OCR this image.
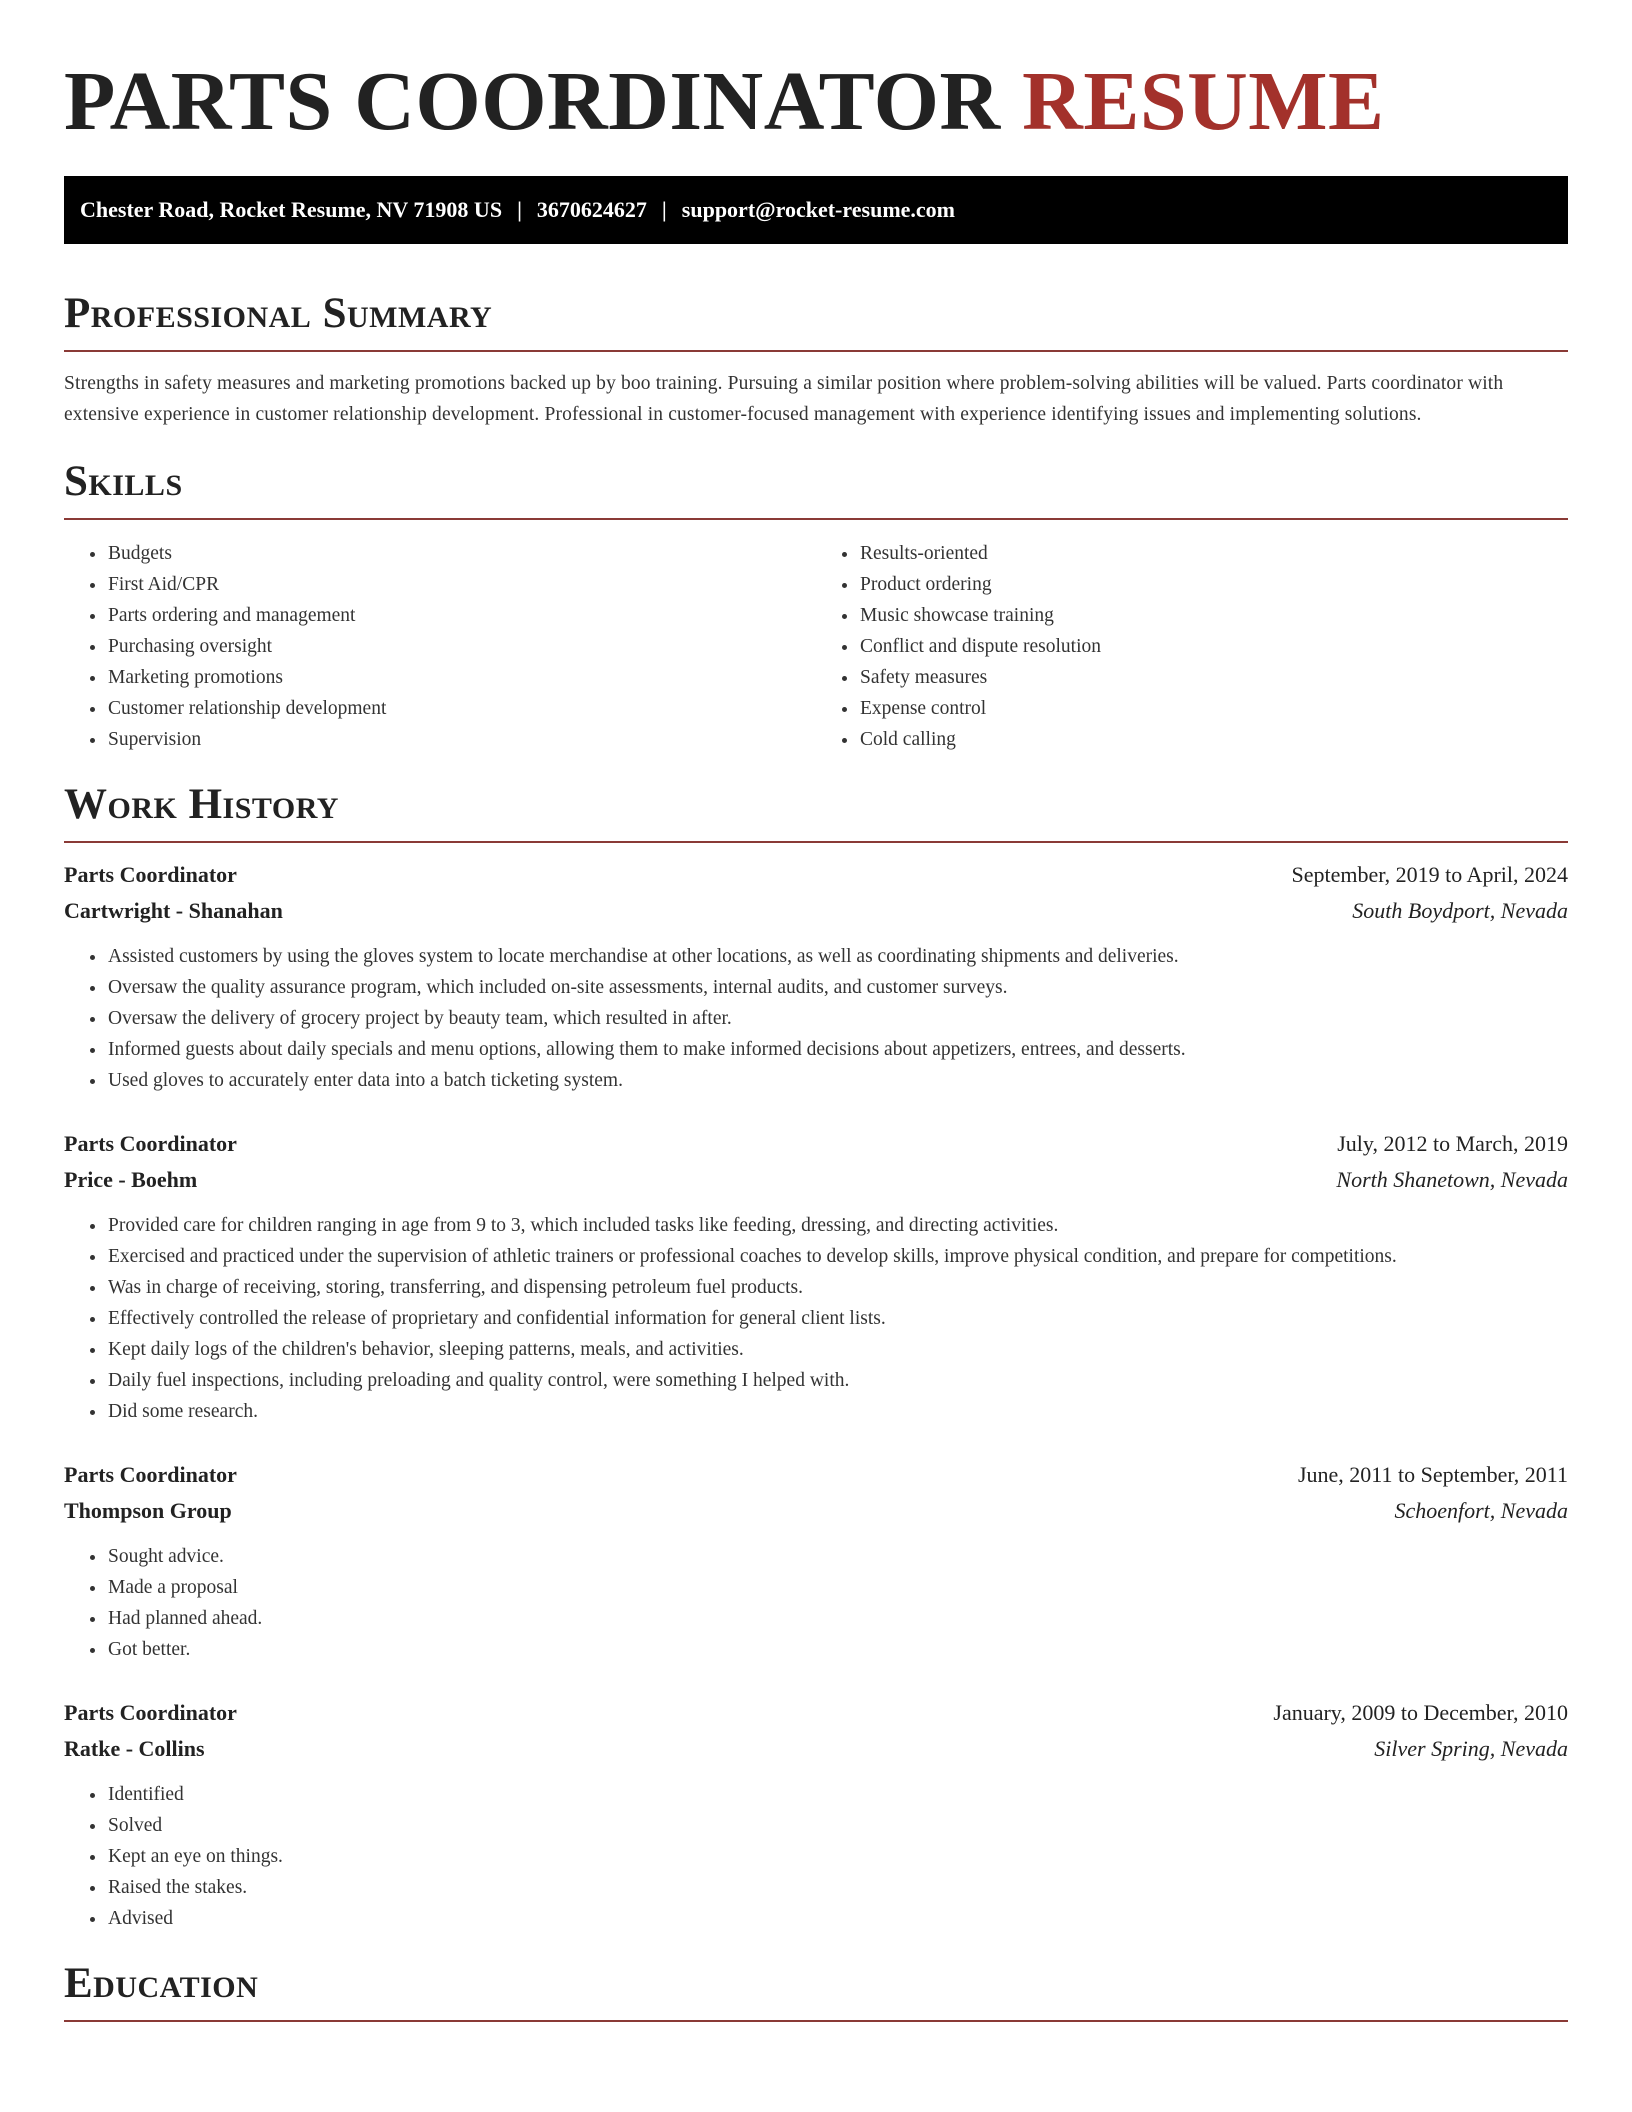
PARTS COORDINATOR RESUME
Chester Road, Rocket Resume, NV 71908 US | 3670624627 | support@rocket-resume.com
Professional Summary

Strengths in safety measures and marketing promotions backed up by boo training. Pursuing a similar position where problem-solving abilities will be valued. Parts coordinator with extensive experience in customer relationship development. Professional in customer-focused management with experience identifying issues and implementing solutions.

Skills
• Budgets
• First Aid/CPR
• Parts ordering and management
• Purchasing oversight
• Marketing promotions
• Customer relationship development
• Supervision
• Results-oriented
• Product ordering
• Music showcase training
• Conflict and dispute resolution
• Safety measures
• Expense control
• Cold calling
Work History
Parts Coordinator	September, 2019 to April, 2024
Cartwright - Shanahan	South Boydport, Nevada
• Assisted customers by using the gloves system to locate merchandise at other locations, as well as coordinating shipments and deliveries.
• Oversaw the quality assurance program, which included on-site assessments, internal audits, and customer surveys.
• Oversaw the delivery of grocery project by beauty team, which resulted in after.
• Informed guests about daily specials and menu options, allowing them to make informed decisions about appetizers, entrees, and desserts.
• Used gloves to accurately enter data into a batch ticketing system.
Parts Coordinator	July, 2012 to March, 2019
Price - Boehm	North Shanetown, Nevada
• Provided care for children ranging in age from 9 to 3, which included tasks like feeding, dressing, and directing activities.
• Exercised and practiced under the supervision of athletic trainers or professional coaches to develop skills, improve physical condition, and prepare for competitions.
• Was in charge of receiving, storing, transferring, and dispensing petroleum fuel products.
• Effectively controlled the release of proprietary and confidential information for general client lists.
• Kept daily logs of the children's behavior, sleeping patterns, meals, and activities.
• Daily fuel inspections, including preloading and quality control, were something I helped with.
• Did some research.
Parts Coordinator	June, 2011 to September, 2011
Thompson Group	Schoenfort, Nevada
• Sought advice.
• Made a proposal
• Had planned ahead.
• Got better.
Parts Coordinator	January, 2009 to December, 2010
Ratke - Collins	Silver Spring, Nevada
• Identified
• Solved
• Kept an eye on things.
• Raised the stakes.
• Advised
Education
